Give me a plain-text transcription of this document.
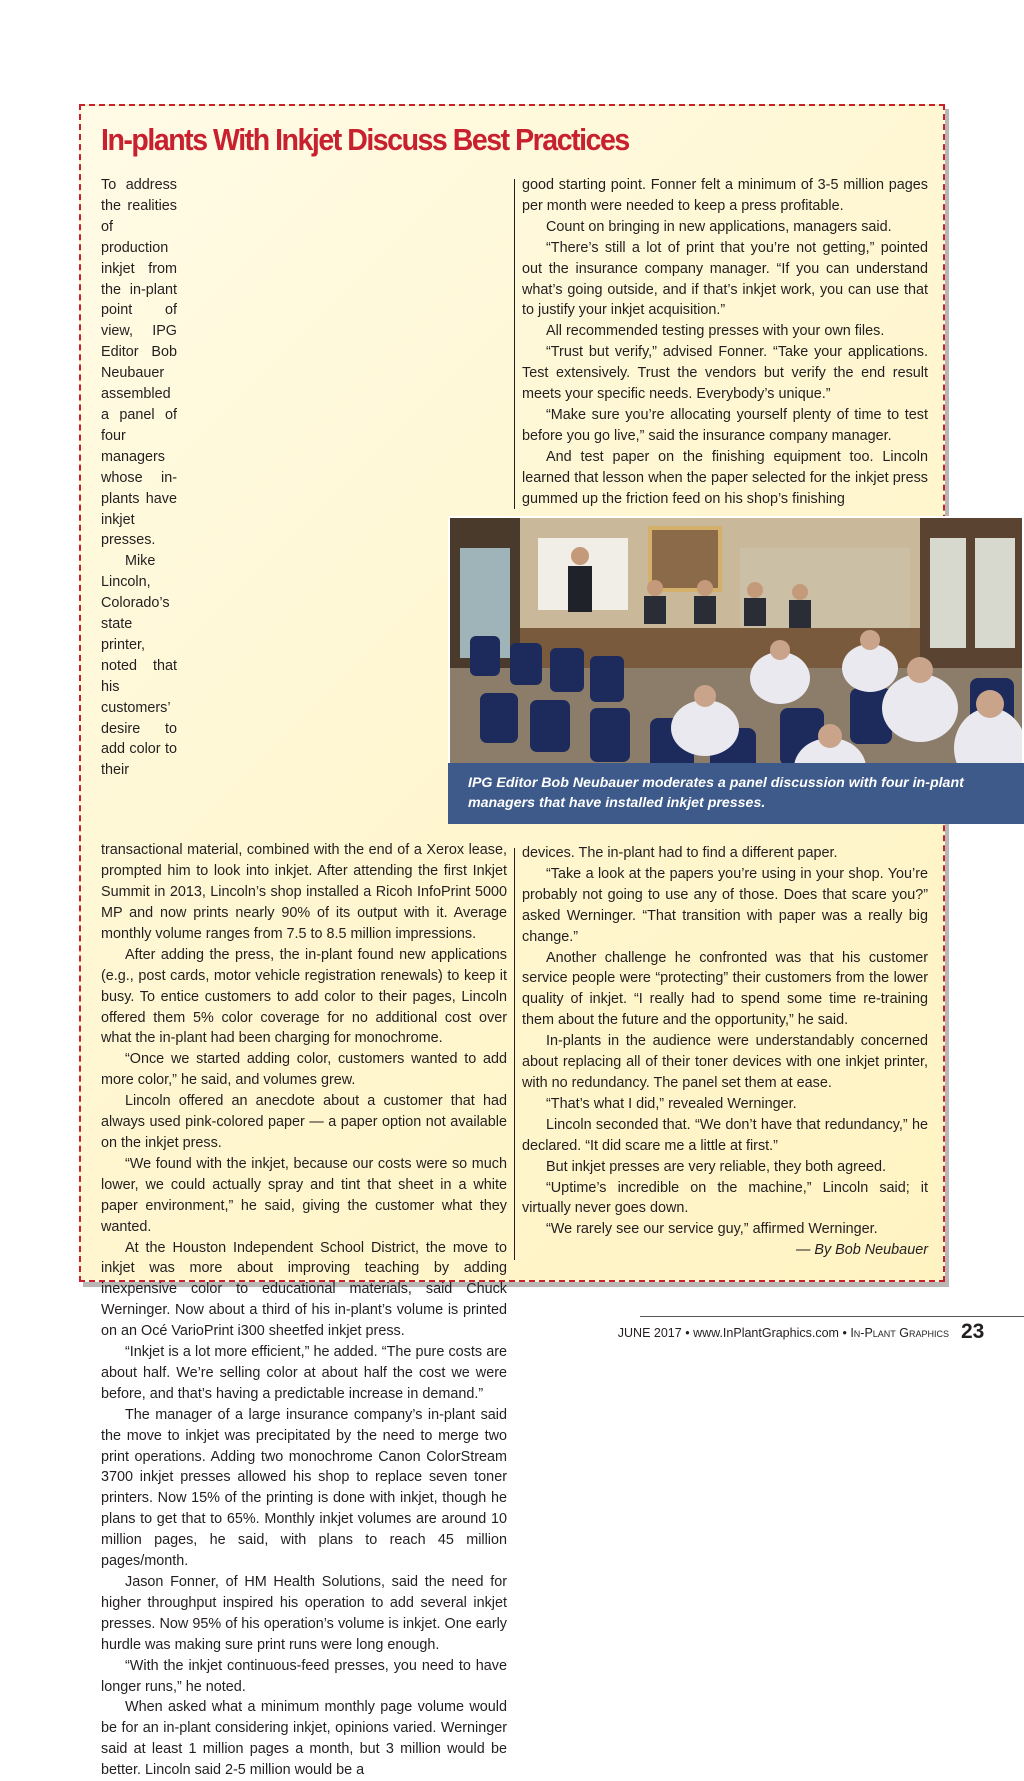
In-plants With Inkjet Discuss Best Practices

To address the realities of production inkjet from the in-plant point of view, IPG Editor Bob Neubauer assembled a panel of four managers whose in-plants have inkjet presses.

Mike Lincoln, Colorado’s state printer, noted that his customers’ desire to add color to their transactional material, combined with the end of a Xerox lease, prompted him to look into inkjet. After attending the first Inkjet Summit in 2013, Lincoln’s shop installed a Ricoh InfoPrint 5000 MP and now prints nearly 90% of its output with it. Average monthly volume ranges from 7.5 to 8.5 million impressions.

After adding the press, the in-plant found new applications (e.g., post cards, motor vehicle registration renewals) to keep it busy. To entice customers to add color to their pages, Lincoln offered them 5% color coverage for no additional cost over what the in-plant had been charging for monochrome.

“Once we started adding color, customers wanted to add more color,” he said, and volumes grew.

Lincoln offered an anecdote about a customer that had always used pink-colored paper — a paper option not available on the inkjet press.

“We found with the inkjet, because our costs were so much lower, we could actually spray and tint that sheet in a white paper environment,” he said, giving the customer what they wanted.

At the Houston Independent School District, the move to inkjet was more about improving teaching by adding inexpensive color to educational materials, said Chuck Werninger. Now about a third of his in-plant’s volume is printed on an Océ VarioPrint i300 sheetfed inkjet press.

“Inkjet is a lot more efficient,” he added. “The pure costs are about half. We’re selling color at about half the cost we were before, and that’s having a predictable increase in demand.”

The manager of a large insurance company’s in-plant said the move to inkjet was precipitated by the need to merge two print operations. Adding two monochrome Canon ColorStream 3700 inkjet presses allowed his shop to replace seven toner printers. Now 15% of the printing is done with inkjet, though he plans to get that to 65%. Monthly inkjet volumes are around 10 million pages, he said, with plans to reach 45 million pages/month.

Jason Fonner, of HM Health Solutions, said the need for higher throughput inspired his operation to add several inkjet presses. Now 95% of his operation’s volume is inkjet. One early hurdle was making sure print runs were long enough.

“With the inkjet continuous-feed presses, you need to have longer runs,” he noted.

When asked what a minimum monthly page volume would be for an in-plant considering inkjet, opinions varied. Werninger said at least 1 million pages a month, but 3 million would be better. Lincoln said 2-5 million would be a

good starting point. Fonner felt a minimum of 3-5 million pages per month were needed to keep a press profitable.

Count on bringing in new applications, managers said.

“There’s still a lot of print that you’re not getting,” pointed out the insurance company manager. “If you can understand what’s going outside, and if that’s inkjet work, you can use that to justify your inkjet acquisition.”

All recommended testing presses with your own files.

“Trust but verify,” advised Fonner. “Take your applications. Test extensively. Trust the vendors but verify the end result meets your specific needs. Everybody’s unique.”

“Make sure you’re allocating yourself plenty of time to test before you go live,” said the insurance company manager.

And test paper on the finishing equipment too. Lincoln learned that lesson when the paper selected for the inkjet press gummed up the friction feed on his shop’s finishing

IPG Editor Bob Neubauer moderates a panel discussion with four in-plant managers that have installed inkjet presses.

devices. The in-plant had to find a different paper.

“Take a look at the papers you’re using in your shop. You’re probably not going to use any of those. Does that scare you?” asked Werninger. “That transition with paper was a really big change.”

Another challenge he confronted was that his customer service people were “protecting” their customers from the lower quality of inkjet. “I really had to spend some time re-training them about the future and the opportunity,” he said.

In-plants in the audience were understandably concerned about replacing all of their toner devices with one inkjet printer, with no redundancy. The panel set them at ease.

“That’s what I did,” revealed Werninger.

Lincoln seconded that. “We don’t have that redundancy,” he declared. “It did scare me a little at first.”

But inkjet presses are very reliable, they both agreed.

“Uptime’s incredible on the machine,” Lincoln said; it virtually never goes down.

“We rarely see our service guy,” affirmed Werninger.

— By Bob Neubauer

JUNE 2017 • www.InPlantGraphics.com • In-Plant Graphics 23
